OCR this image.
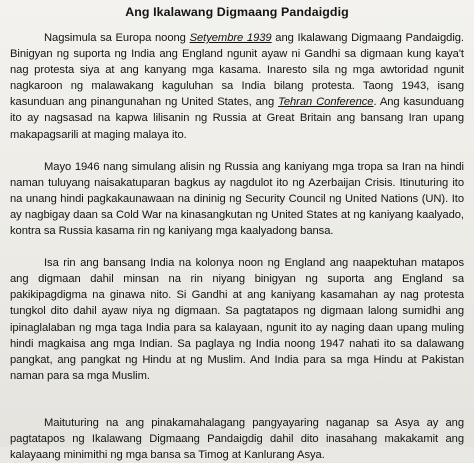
Ang Ikalawang Digmaang Pandaigdig

Nagsimula sa Europa noong Setyembre 1939 ang Ikalawang Digmaang Pandaigdig. Binigyan ng suporta ng India ang England ngunit ayaw ni Gandhi sa digmaan kung kaya't nag protesta siya at ang kanyang mga kasama. Inaresto sila ng mga awtoridad ngunit nagkaroon ng malawakang kaguluhan sa India bilang protesta. Taong 1943, isang kasunduan ang pinangunahan ng United States, ang Tehran Conference. Ang kasunduang ito ay nagsasad na kapwa lilisanin ng Russia at Great Britain ang bansang Iran upang makapagsarili at maging malaya ito.

Mayo 1946 nang simulang alisin ng Russia ang kaniyang mga tropa sa Iran na hindi naman tuluyang naisakatuparan bagkus ay nagdulot ito ng Azerbaijan Crisis. Itinuturing ito na unang hindi pagkakaunawaan na dininig ng Security Council ng United Nations (UN). Ito ay nagbigay daan sa Cold War na kinasangkutan ng United States at ng kaniyang kaalyado, kontra sa Russia kasama rin ng kaniyang mga kaalyadong bansa.

Isa rin ang bansang India na kolonya noon ng England ang naapektuhan matapos ang digmaan dahil minsan na rin niyang binigyan ng suporta ang England sa pakikipagdigma na ginawa nito. Si Gandhi at ang kaniyang kasamahan ay nag protesta tungkol dito dahil ayaw niya ng digmaan. Sa pagtatapos ng digmaan lalong sumidhi ang ipinaglalaban ng mga taga India para sa kalayaan, ngunit ito ay naging daan upang muling hindi magkaisa ang mga Indian. Sa paglaya ng India noong 1947 nahati ito sa dalawang pangkat, ang pangkat ng Hindu at ng Muslim. And India para sa mga Hindu at Pakistan naman para sa mga Muslim.

Maituturing na ang pinakamahalagang pangyayaring naganap sa Asya ay ang pagtatapos ng Ikalawang Digmaang Pandaigdig dahil dito inasahang makakamit ang kalayaang minimithi ng mga bansa sa Timog at Kanlurang Asya.
